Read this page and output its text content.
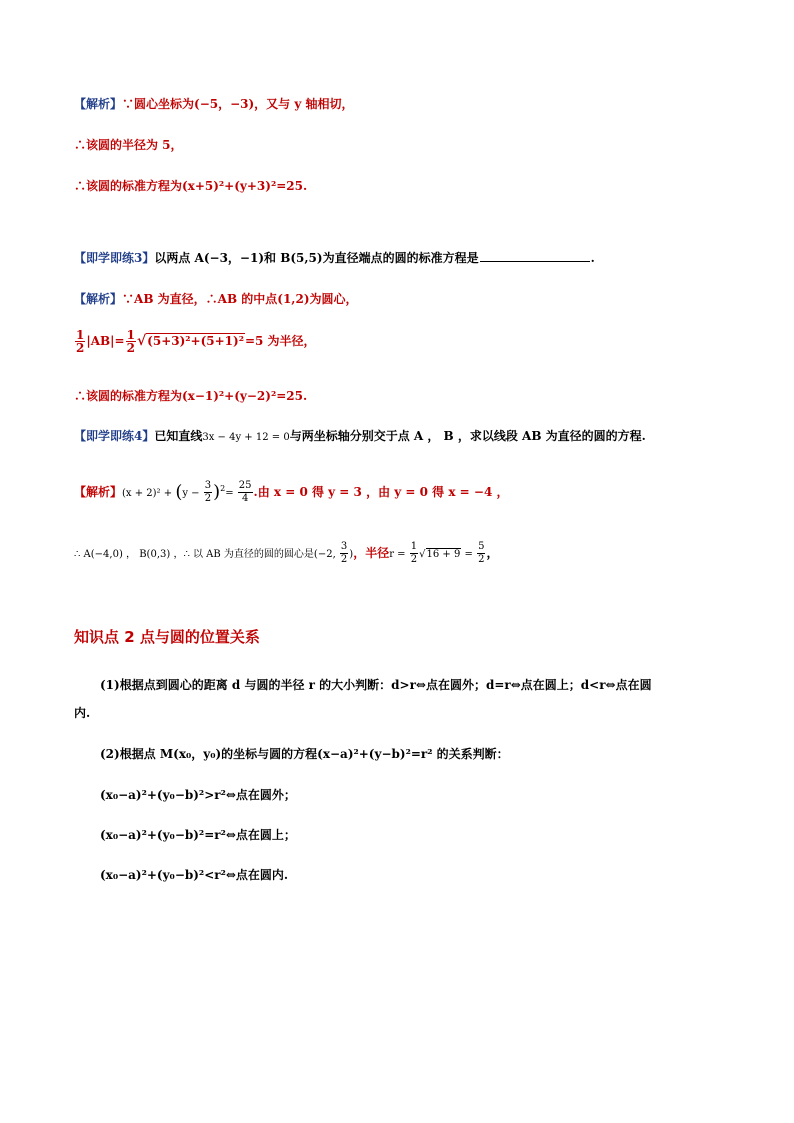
【解析】∵圆心坐标为(−5，−3)，又与 y 轴相切，
∴该圆的半径为 5，
∴该圆的标准方程为(x+5)²+(y+3)²=25.
【即学即练3】以两点 A(−3，−1)和 B(5,5)为直径端点的圆的标准方程是	.
【解析】∵AB 为直径，∴AB 的中点(1,2)为圆心，
$\frac{1}{2} |AB|= \frac{1}{2} √(5+3)^2+(5+1)^2=5$ 为半径，
∴该圆的标准方程为(x−1)²+(y−2)²=25.
【即学即练4】已知直线3x − 4y + 12 = 0与两坐标轴分别交于点 A ， B ，求以线段 AB 为直径的圆的方程.
【解析】$(x + 2)^2 + (y - \frac{3}{2} )^2= \frac{25}{4}$ .由 x = 0 得 y = 3 ，由 y = 0 得 x = −4 ，
∴ A(−4,0) ， B(0,3) ，∴ 以 AB 为直径的圆的圆心是(−2, $\frac{3}{2}$ )，半径$r = \frac{1}{2} √16 + 9 = \frac{5}{2}$ ，
知识点 2 点与圆的位置关系
(1)根据点到圆心的距离 d 与圆的半径 r 的大小判断：d>r⇔点在圆外；d=r⇔点在圆上；d<r⇔点在圆
内.
(2)根据点 M(x₀，y₀)的坐标与圆的方程(x−a)²+(y−b)²=r² 的关系判断：
(x₀−a)²+(y₀−b)²>r²⇔点在圆外；
(x₀−a)²+(y₀−b)²=r²⇔点在圆上；
(x₀−a)²+(y₀−b)²<r²⇔点在圆内.
